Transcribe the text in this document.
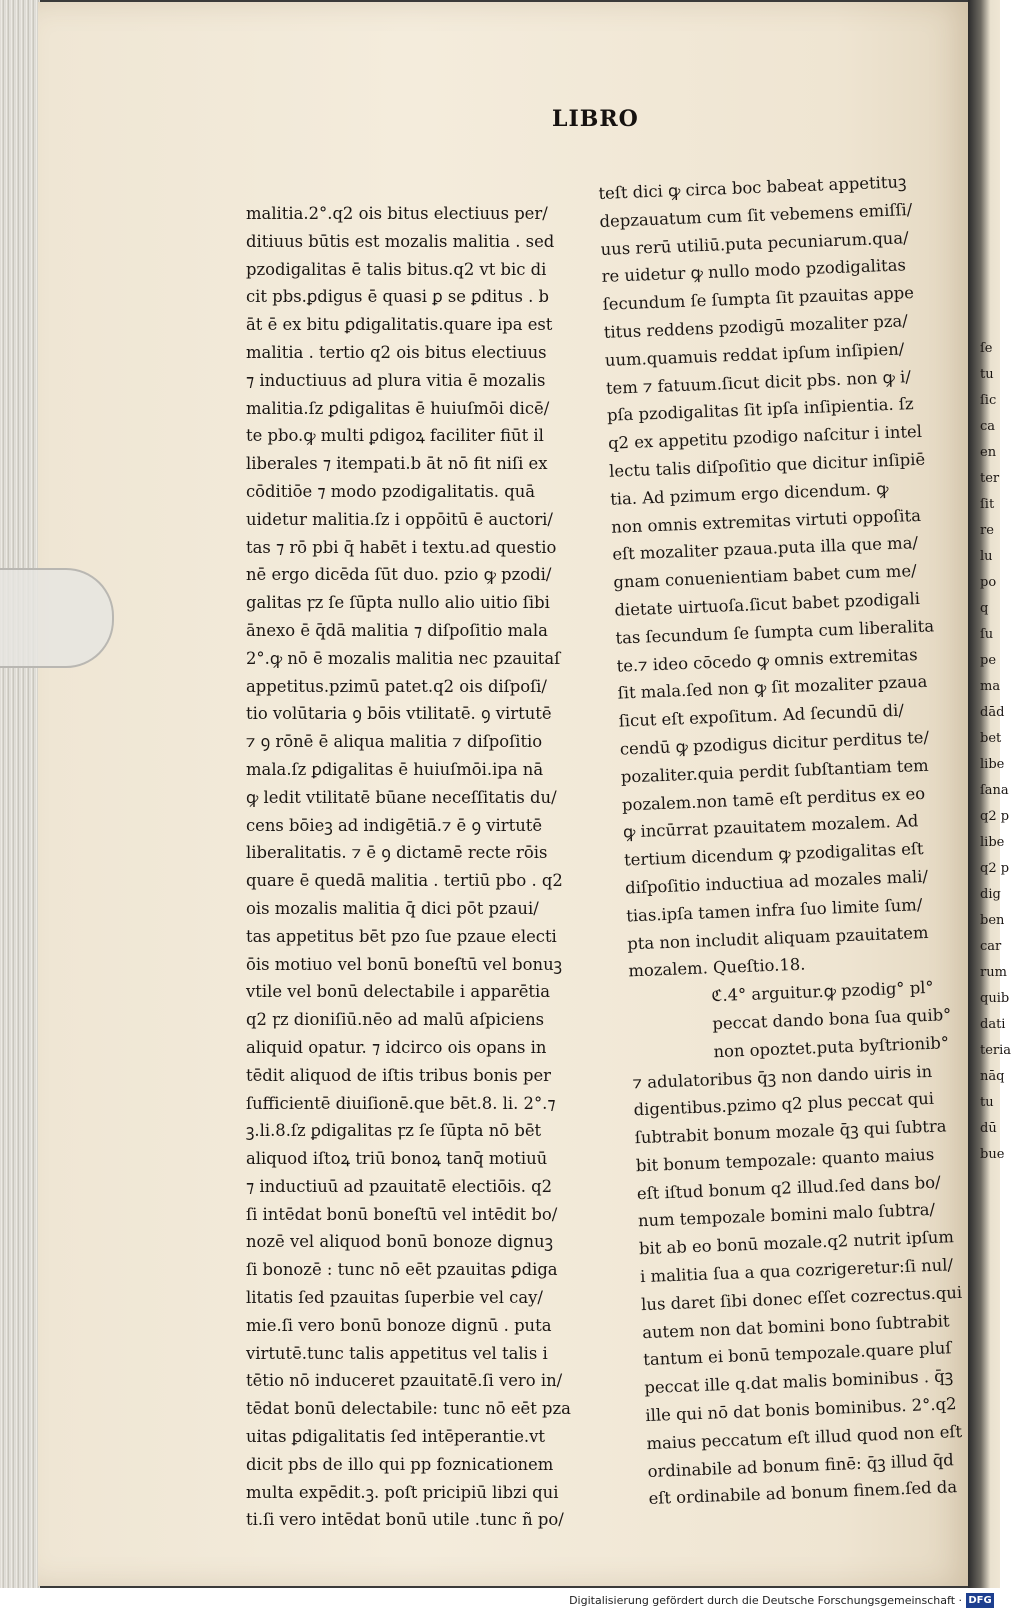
LIBRO
malitia.2°.q2 ois bitus electiuus per/
ditiuus būtis est mozalis malitia . sed
pzodigalitas ē talis bitus.q2 vt bic di
cit pbs.ꝑdigus ē quasi ꝑ se ꝑditus . b
āt ē ex bitu ꝑdigalitatis.quare ipa est
malitia . tertio q2 ois bitus electiuus
⁊ inductiuus ad plura vitia ē mozalis
malitia.ſz ꝑdigalitas ē huiuſmōi dicē/
te pbo.ꝙ multi ꝑdigoꝝ faciliter fiūt il
liberales ⁊ itempati.b āt nō fit niſi ex
cōditiōe ⁊ modo pzodigalitatis. quā
uidetur malitia.ſz i oppōitū ē auctori/
tas ⁊ rō pbi q̄ habēt i textu.ad questio
nē ergo dicēda ſūt duo. pzio ꝙ pzodi/
galitas ꝼz ſe ſūpta nullo alio uitio ſibi
ānexo ē q̄dā malitia ⁊ diſpoſitio mala
2°.ꝙ nō ē mozalis malitia nec pzauitaſ
appetitus.pzimū patet.q2 ois diſpoſi/
tio volūtaria ꝯ bōis vtilitatē. ꝯ virtutē
⁊ ꝯ rōnē ē aliqua malitia ⁊ diſpoſitio
mala.ſz ꝑdigalitas ē huiuſmōi.ipa nā
ꝙ ledit vtilitatē būane neceſſitatis du/
cens bōieꝫ ad indigētiā.⁊ ē ꝯ virtutē
liberalitatis. ⁊ ē ꝯ dictamē recte rōis
quare ē quedā malitia . tertiū pbo . q2
ois mozalis malitia q̄ dici pōt pzaui/
tas appetitus bēt pzo ſue pzaue electi
ōis motiuo vel bonū boneſtū vel bonuꝫ
vtile vel bonū delectabile i apparētia
q2 ꝼz dioniſiū.nēo ad malū aſpiciens
aliquid opatur. ⁊ idcirco ois opans in
tēdit aliquod de iſtis tribus bonis per
ſufficientē diuiſionē.que bēt.8. li. 2°.⁊
ꝫ.li.8.ſz ꝑdigalitas ꝼz ſe ſūpta nō bēt
aliquod iſtoꝝ triū bonoꝝ tanq̄ motiuū
⁊ inductiuū ad pzauitatē electiōis. q2
ſi intēdat bonū boneſtū vel intēdit bo/
nozē vel aliquod bonū bonoze dignuꝫ
ſi bonozē : tunc nō eēt pzauitas ꝑdiga
litatis ſed pzauitas ſuperbie vel cay/
mie.ſi vero bonū bonoze dignū . puta
virtutē.tunc talis appetitus vel talis i
tētio nō induceret pzauitatē.ſi vero in/
tēdat bonū delectabile: tunc nō eēt pza
uitas ꝑdigalitatis ſed intēperantie.vt
dicit pbs de illo qui pp foznicationem
multa expēdit.ꝫ. poſt pricipiū libzi qui
ti.ſi vero intēdat bonū utile .tunc ñ po/
teſt dici ꝙ circa boc babeat appetituꝫ
depzauatum cum ſit vebemens emiſſi/
uus rerū utiliū.puta pecuniarum.qua/
re uidetur ꝙ nullo modo pzodigalitas
ſecundum ſe ſumpta ſit pzauitas appe
titus reddens pzodigū mozaliter pza/
uum.quamuis reddat ipſum inſipien/
tem ⁊ fatuum.ſicut dicit pbs. non ꝙ i/
pſa pzodigalitas ſit ipſa inſipientia. ſz
q2 ex appetitu pzodigo naſcitur i intel
lectu talis diſpoſitio que dicitur inſipiē
tia. Ad pzimum ergo dicendum. ꝙ
non omnis extremitas virtuti oppoſita
eſt mozaliter pzaua.puta illa que ma/
gnam conuenientiam babet cum me/
dietate uirtuoſa.ſicut babet pzodigali
tas ſecundum ſe ſumpta cum liberalita
te.⁊ ideo cōcedo ꝙ omnis extremitas
ſit mala.ſed non ꝙ ſit mozaliter pzaua
ſicut eſt expoſitum. Ad ſecundū di/
cendū ꝙ pzodigus dicitur perditus te/
pozaliter.quia perdit ſubſtantiam tem
pozalem.non tamē eſt perditus ex eo
ꝙ incūrrat pzauitatem mozalem. Ad
tertium dicendum ꝙ pzodigalitas eſt
diſpoſitio inductiua ad mozales mali/
tias.ipſa tamen infra ſuo limite ſum/
pta non includit aliquam pzauitatem
mozalem. Queſtio.18.
ℭ.4° arguitur.ꝙ pzodig° pl°
peccat dando bona ſua quib°
non opoztet.puta byſtrionib°
⁊ adulatoribus q̄ꝫ non dando uiris in
digentibus.pzimo q2 plus peccat qui
ſubtrabit bonum mozale q̄ꝫ qui ſubtra
bit bonum tempozale: quanto maius
eſt iſtud bonum q2 illud.ſed dans bo/
num tempozale bomini malo ſubtra/
bit ab eo bonū mozale.q2 nutrit ipſum
i malitia ſua a qua cozrigeretur:ſi nul/
lus daret ſibi donec eſſet cozrectus.qui
autem non dat bomini bono ſubtrabit
tantum ei bonū tempozale.quare pluſ
peccat ille q.dat malis bominibus . q̄ꝫ
ille qui nō dat bonis bominibus. 2°.q2
maius peccatum eſt illud quod non eſt
ordinabile ad bonum finē: q̄ꝫ illud q̄d
eſt ordinabile ad bonum finem.ſed da
ſe
tu
ſic
ca
en
ter
ſit
re
lu
po
q
ſu
pe
ma
dād
bet
libe
ſana
q2 p
libe
q2 p
dig
ben
car
rum
quib
dati
teria
nāq
tu
dū
bue

Digitalisierung gefördert durch die Deutsche Forschungsgemeinschaft · DFG
